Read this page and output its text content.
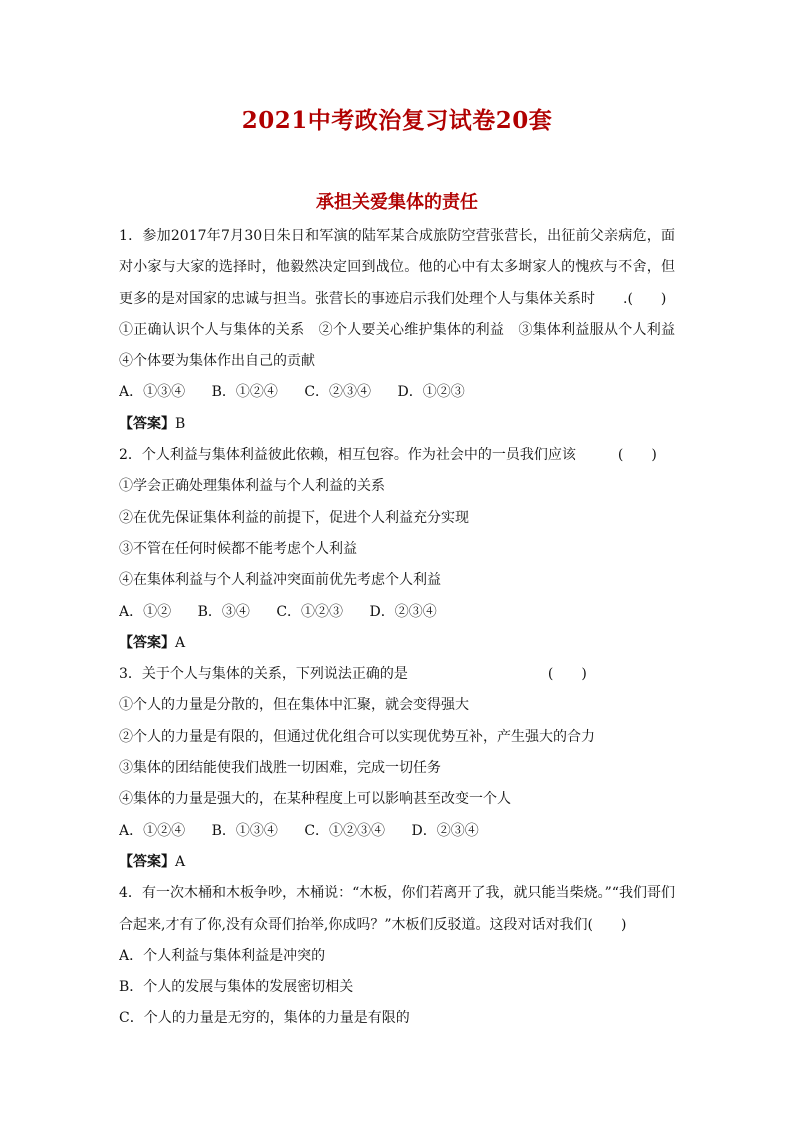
2021中考政治复习试卷20套
承担关爱集体的责任
1．参加2017年7月30日朱日和军演的陆军某合成旅防空营张营长，出征前父亲病危，面对小家与大家的选择时，他毅然决定回到战位。他的心中有太多埘家人的愧疚与不舍，但更多的是对国家的忠诚与担当。张营长的事迹启示我们处理个人与集体关系时　　.(　　)
①正确认识个人与集体的关系　②个人要关心维护集体的利益　③集体利益服从个人利益④个体要为集体作出自己的贡献
A．①③④ B．①②④ C．②③④ D．①②③
【答案】B
2．个人利益与集体利益彼此依赖，相互包容。作为社会中的一员我们应该　　　(　　)
①学会正确处理集体利益与个人利益的关系
②在优先保证集体利益的前提下，促进个人利益充分实现
③不管在任何时候都不能考虑个人利益
④在集体利益与个人利益冲突面前优先考虑个人利益
A．①② B．③④ C．①②③ D．②③④
【答案】A
3．关于个人与集体的关系，下列说法正确的是　　　　　　　　　　(　　)
①个人的力量是分散的，但在集体中汇聚，就会变得强大
②个人的力量是有限的，但通过优化组合可以实现优势互补，产生强大的合力
③集体的团结能使我们战胜一切困难，完成一切任务
④集体的力量是强大的，在某种程度上可以影响甚至改变一个人
A．①②④ B．①③④ C．①②③④ D．②③④
【答案】A
4．有一次木桶和木板争吵，木桶说：“木板，你们若离开了我，就只能当柴烧。”“我们哥们合起来,才有了你,没有众哥们抬举,你成吗？”木板们反驳道。这段对话对我们(　　)
A．个人利益与集体利益是冲突的
B．个人的发展与集体的发展密切相关
C．个人的力量是无穷的，集体的力量是有限的
